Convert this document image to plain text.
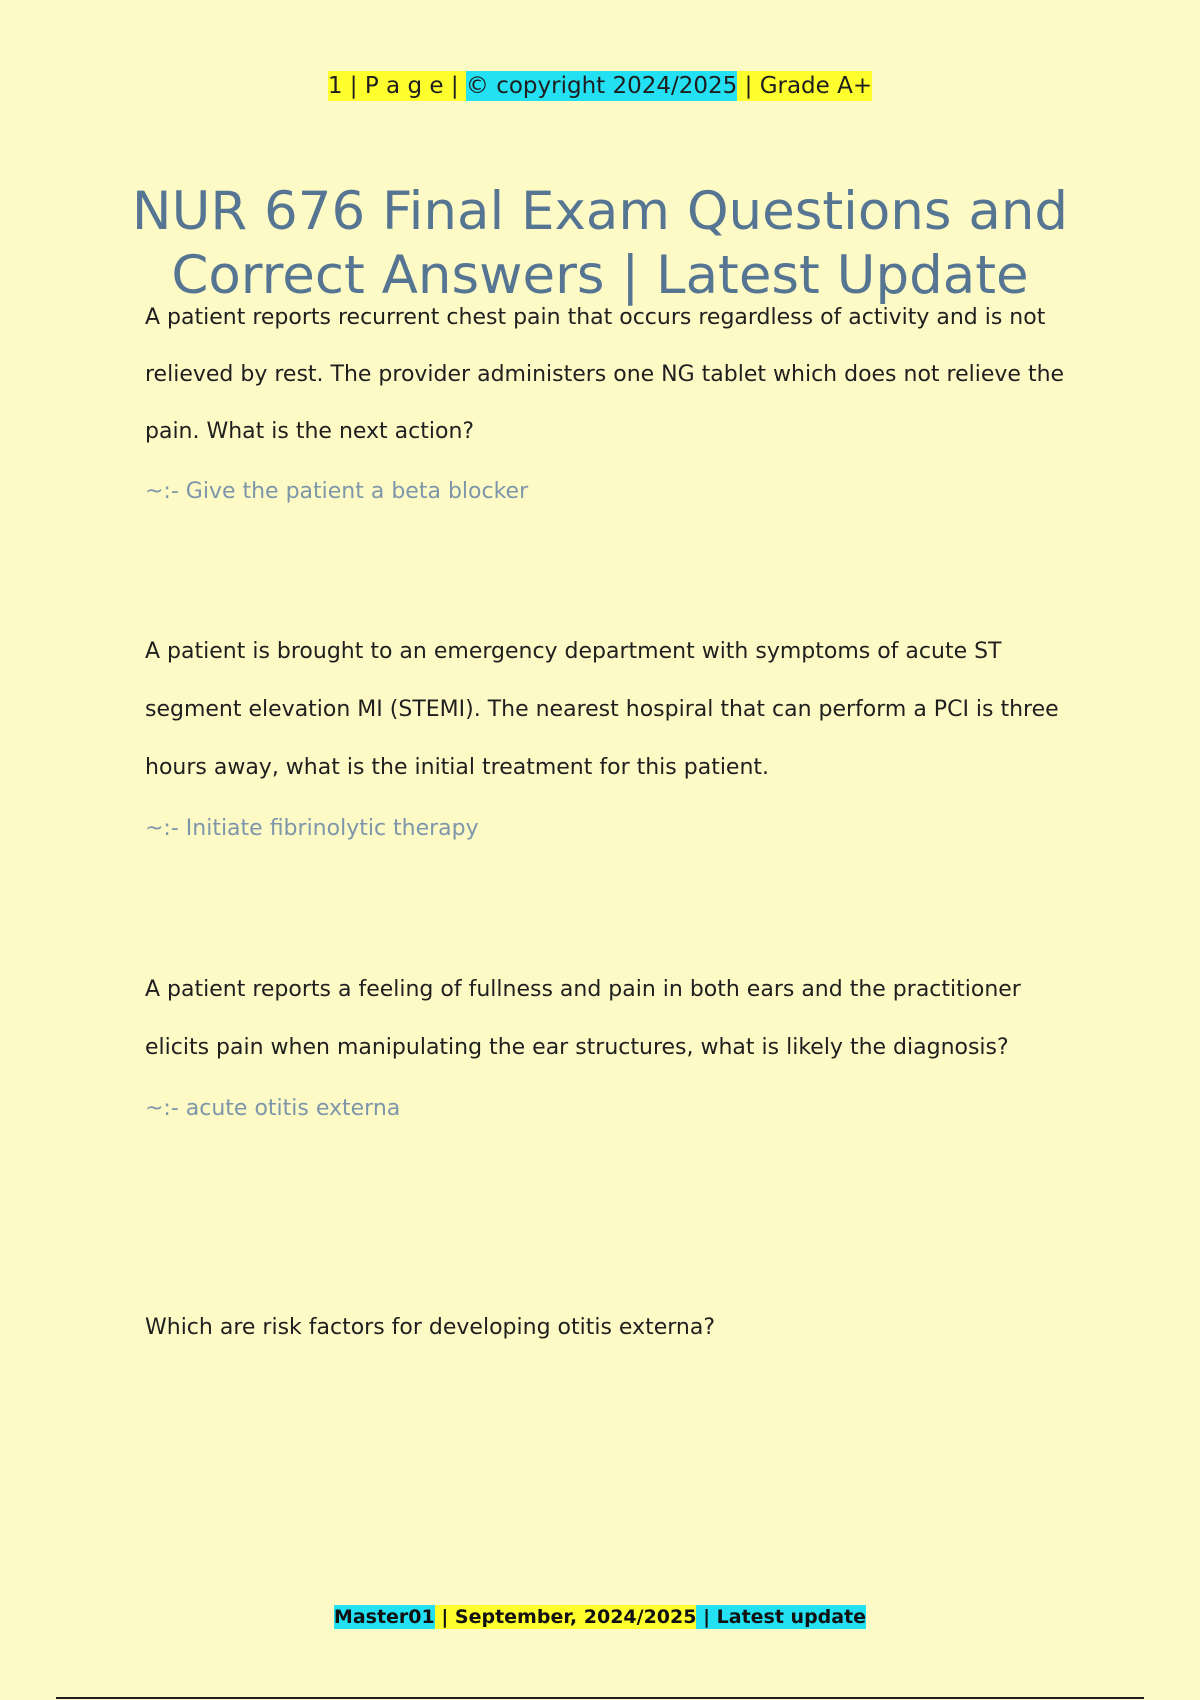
1 | P a g e | © copyright 2024/2025 | Grade A+
NUR 676 Final Exam Questions and Correct Answers | Latest Update

A patient reports recurrent chest pain that occurs regardless of activity and is not relieved by rest. The provider administers one NG tablet which does not relieve the pain. What is the next action?

~:- Give the patient a beta blocker

A patient is brought to an emergency department with symptoms of acute ST segment elevation MI (STEMI). The nearest hospiral that can perform a PCI is three hours away, what is the initial treatment for this patient.

~:- Initiate fibrinolytic therapy

A patient reports a feeling of fullness and pain in both ears and the practitioner elicits pain when manipulating the ear structures, what is likely the diagnosis?

~:- acute otitis externa

Which are risk factors for developing otitis externa?

Master01 | September, 2024/2025 | Latest update
